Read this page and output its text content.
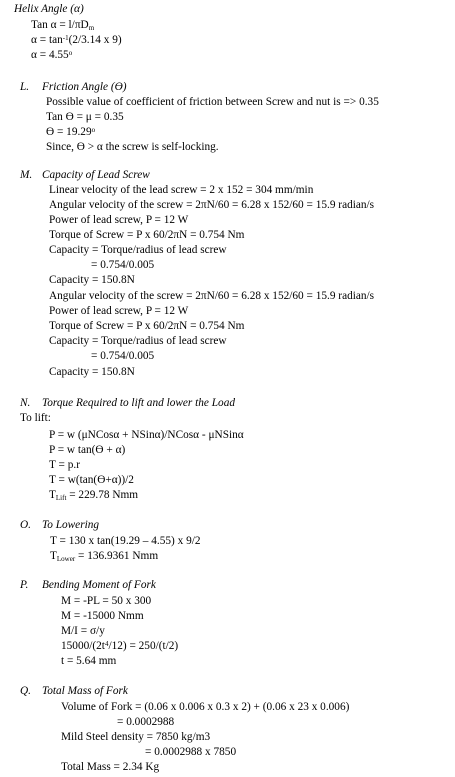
Helix Angle (α)
Tan $\alpha = l/\pi D_m$
$\alpha = \tan^{-1}(2/3.14$ x 9)
$\alpha = 4.55^o$
L. Friction Angle (Ө)
Possible value of coefficient of friction between Screw and nut is => 0.35
Tan Ө = μ = 0.35
$Ө = 19.29^o$
Since, Ө > α the screw is self-locking.
M. Capacity of Lead Screw
Linear velocity of the lead screw = 2 x 152 = 304 mm/min
Angular velocity of the screw = 2πN/60 = 6.28 x 152/60 = 15.9 radian/s
Power of lead screw, P = 12 W
Torque of Screw = P x 60/2πN = 0.754 Nm
Capacity = Torque/radius of lead screw
= 0.754/0.005
Capacity = 150.8N
Angular velocity of the screw = 2πN/60 = 6.28 x 152/60 = 15.9 radian/s
Power of lead screw, P = 12 W
Torque of Screw = P x 60/2πN = 0.754 Nm
Capacity = Torque/radius of lead screw
= 0.754/0.005
Capacity = 150.8N
N. Torque Required to lift and lower the Load
To lift:
P = w (μNCosα + NSinα)/NCosα - μNSinα
P = w tan(Ө + α)
T = p.r
T = w(tan(Ө+α))/2
$T_{Lift} = 229.78$ Nmm
O. To Lowering
T = 130 x tan(19.29 – 4.55) x 9/2
$T_{Lower} = 136.9361$ Nmm
P. Bending Moment of Fork
M = -PL = 50 x 300
M = -15000 Nmm
M/I = σ/y
$15000/(2t^4/12) = 250/(t/2)$
t = 5.64 mm
Q. Total Mass of Fork
Volume of Fork = (0.06 x 0.006 x 0.3 x 2) + (0.06 x 23 x 0.006)
= 0.0002988
Mild Steel density = 7850 kg/m3
= 0.0002988 x 7850
Total Mass = 2.34 Kg
